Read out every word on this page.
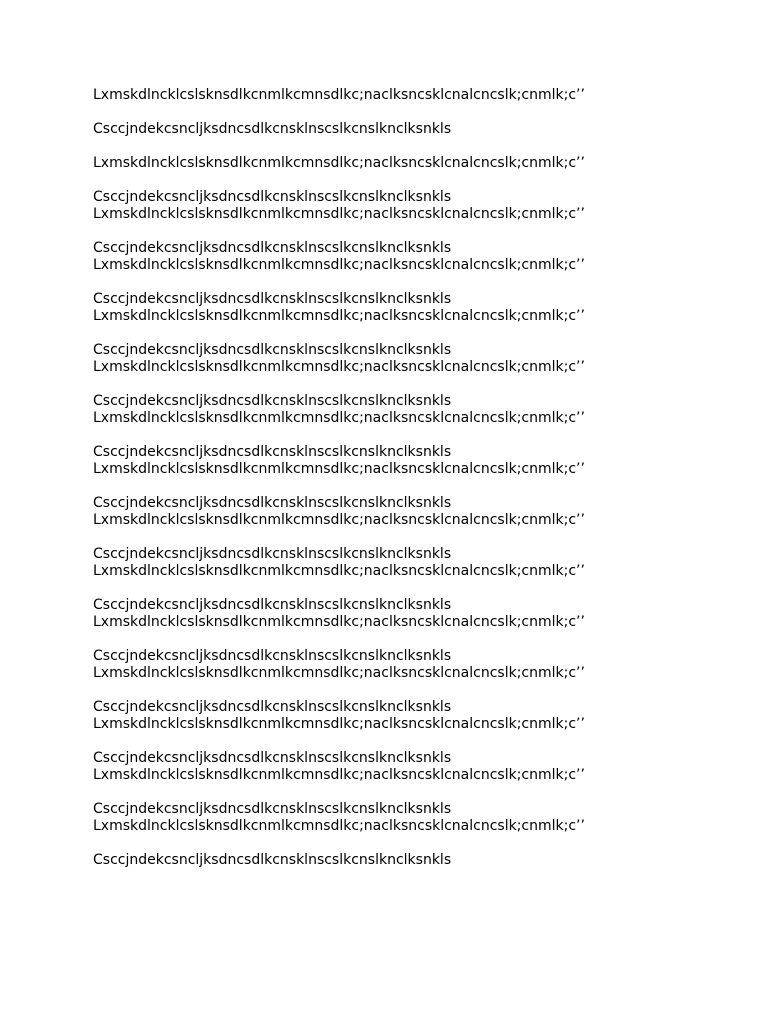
Lxmskdlncklcslsknsdlkcnmlkcmnsdlkc;naclksncsklcnalcncslk;cnmlk;c’’
Csccjndekcsncljksdncsdlkcnsklnscslkcnslknclksnkls
Lxmskdlncklcslsknsdlkcnmlkcmnsdlkc;naclksncsklcnalcncslk;cnmlk;c’’
Csccjndekcsncljksdncsdlkcnsklnscslkcnslknclksnkls
Lxmskdlncklcslsknsdlkcnmlkcmnsdlkc;naclksncsklcnalcncslk;cnmlk;c’’
Csccjndekcsncljksdncsdlkcnsklnscslkcnslknclksnkls
Lxmskdlncklcslsknsdlkcnmlkcmnsdlkc;naclksncsklcnalcncslk;cnmlk;c’’
Csccjndekcsncljksdncsdlkcnsklnscslkcnslknclksnkls
Lxmskdlncklcslsknsdlkcnmlkcmnsdlkc;naclksncsklcnalcncslk;cnmlk;c’’
Csccjndekcsncljksdncsdlkcnsklnscslkcnslknclksnkls
Lxmskdlncklcslsknsdlkcnmlkcmnsdlkc;naclksncsklcnalcncslk;cnmlk;c’’
Csccjndekcsncljksdncsdlkcnsklnscslkcnslknclksnkls
Lxmskdlncklcslsknsdlkcnmlkcmnsdlkc;naclksncsklcnalcncslk;cnmlk;c’’
Csccjndekcsncljksdncsdlkcnsklnscslkcnslknclksnkls
Lxmskdlncklcslsknsdlkcnmlkcmnsdlkc;naclksncsklcnalcncslk;cnmlk;c’’
Csccjndekcsncljksdncsdlkcnsklnscslkcnslknclksnkls
Lxmskdlncklcslsknsdlkcnmlkcmnsdlkc;naclksncsklcnalcncslk;cnmlk;c’’
Csccjndekcsncljksdncsdlkcnsklnscslkcnslknclksnkls
Lxmskdlncklcslsknsdlkcnmlkcmnsdlkc;naclksncsklcnalcncslk;cnmlk;c’’
Csccjndekcsncljksdncsdlkcnsklnscslkcnslknclksnkls
Lxmskdlncklcslsknsdlkcnmlkcmnsdlkc;naclksncsklcnalcncslk;cnmlk;c’’
Csccjndekcsncljksdncsdlkcnsklnscslkcnslknclksnkls
Lxmskdlncklcslsknsdlkcnmlkcmnsdlkc;naclksncsklcnalcncslk;cnmlk;c’’
Csccjndekcsncljksdncsdlkcnsklnscslkcnslknclksnkls
Lxmskdlncklcslsknsdlkcnmlkcmnsdlkc;naclksncsklcnalcncslk;cnmlk;c’’
Csccjndekcsncljksdncsdlkcnsklnscslkcnslknclksnkls
Lxmskdlncklcslsknsdlkcnmlkcmnsdlkc;naclksncsklcnalcncslk;cnmlk;c’’
Csccjndekcsncljksdncsdlkcnsklnscslkcnslknclksnkls
Lxmskdlncklcslsknsdlkcnmlkcmnsdlkc;naclksncsklcnalcncslk;cnmlk;c’’
Csccjndekcsncljksdncsdlkcnsklnscslkcnslknclksnkls
